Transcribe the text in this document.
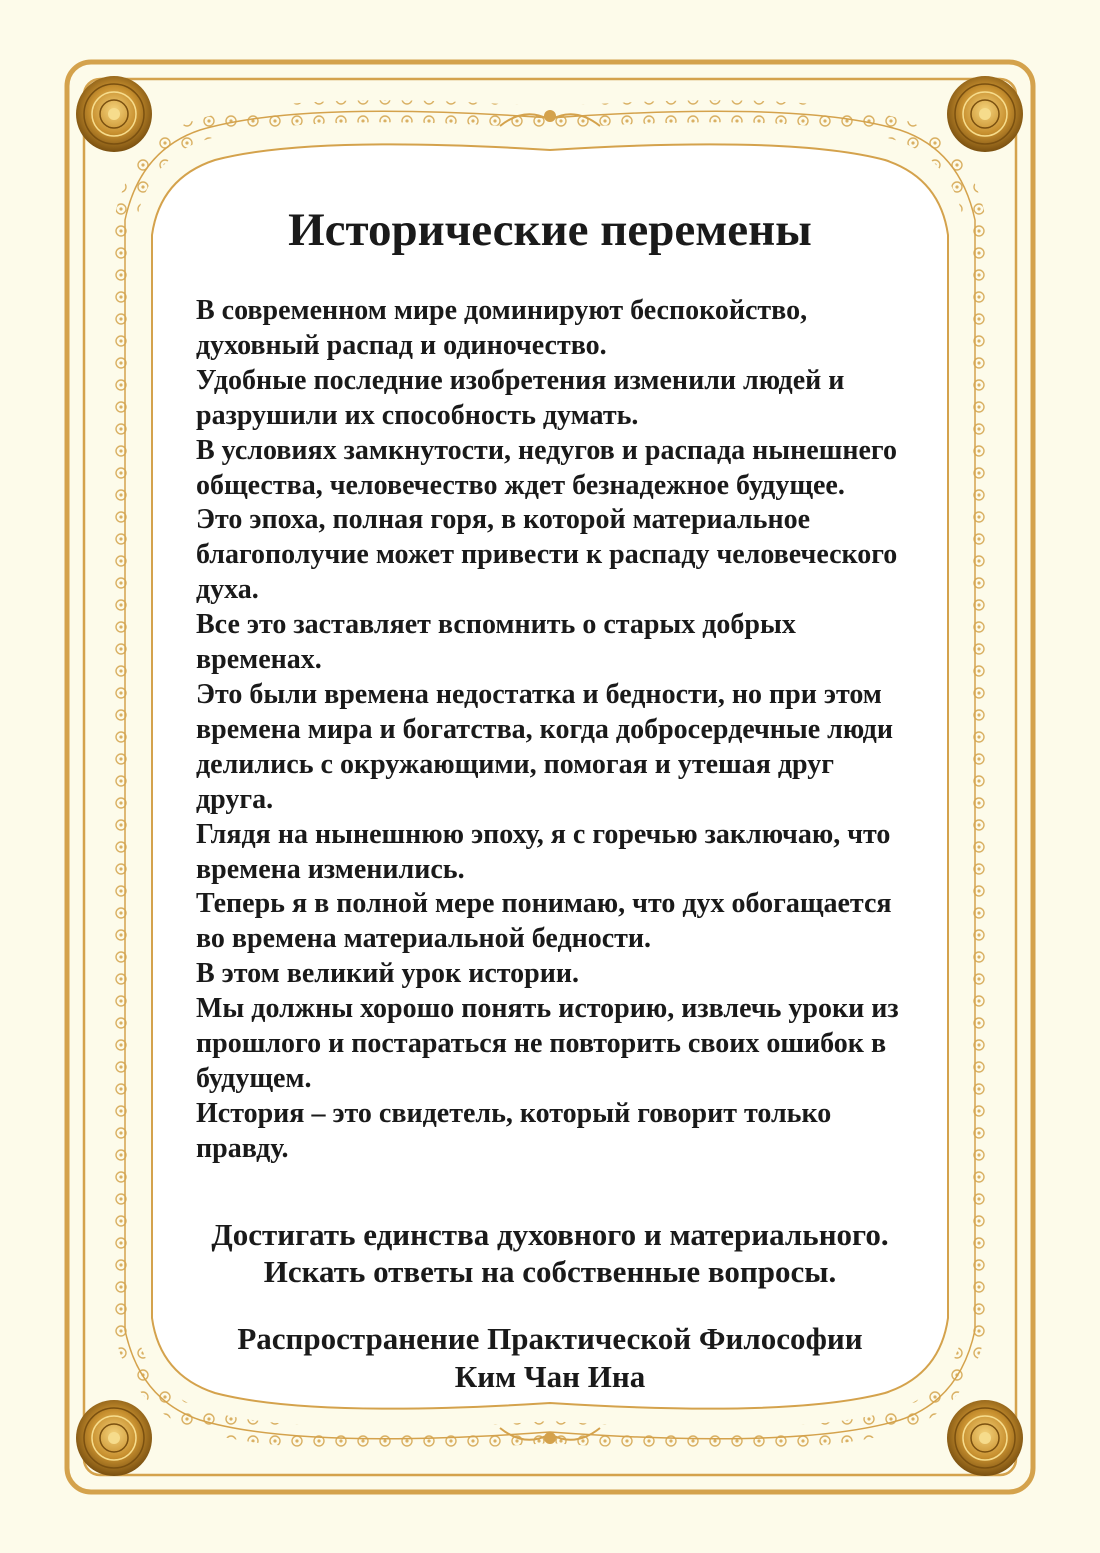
Исторические перемены

В современном мире доминируют беспокойство,
духовный распад и одиночество.
Удобные последние изобретения изменили людей и
разрушили их способность думать.
В условиях замкнутости, недугов и распада нынешнего
общества, человечество ждет безнадежное будущее.
Это эпоха, полная горя, в которой материальное
благополучие может привести к распаду человеческого
духа.
Все это заставляет вспомнить о старых добрых
временах.
Это были времена недостатка и бедности, но при этом
времена мира и богатства, когда добросердечные люди
делились с окружающими, помогая и утешая друг
друга.
Глядя на нынешнюю эпоху, я с горечью заключаю, что
времена изменились.
Теперь я в полной мере понимаю, что дух обогащается
во времена материальной бедности.
В этом великий урок истории.
Мы должны хорошо понять историю, извлечь уроки из
прошлого и постараться не повторить своих ошибок в
будущем.
История – это свидетель, который говорит только
правду.

Достигать единства духовного и материального.
Искать ответы на собственные вопросы.

Распространение Практической Философии
Ким Чан Ина
